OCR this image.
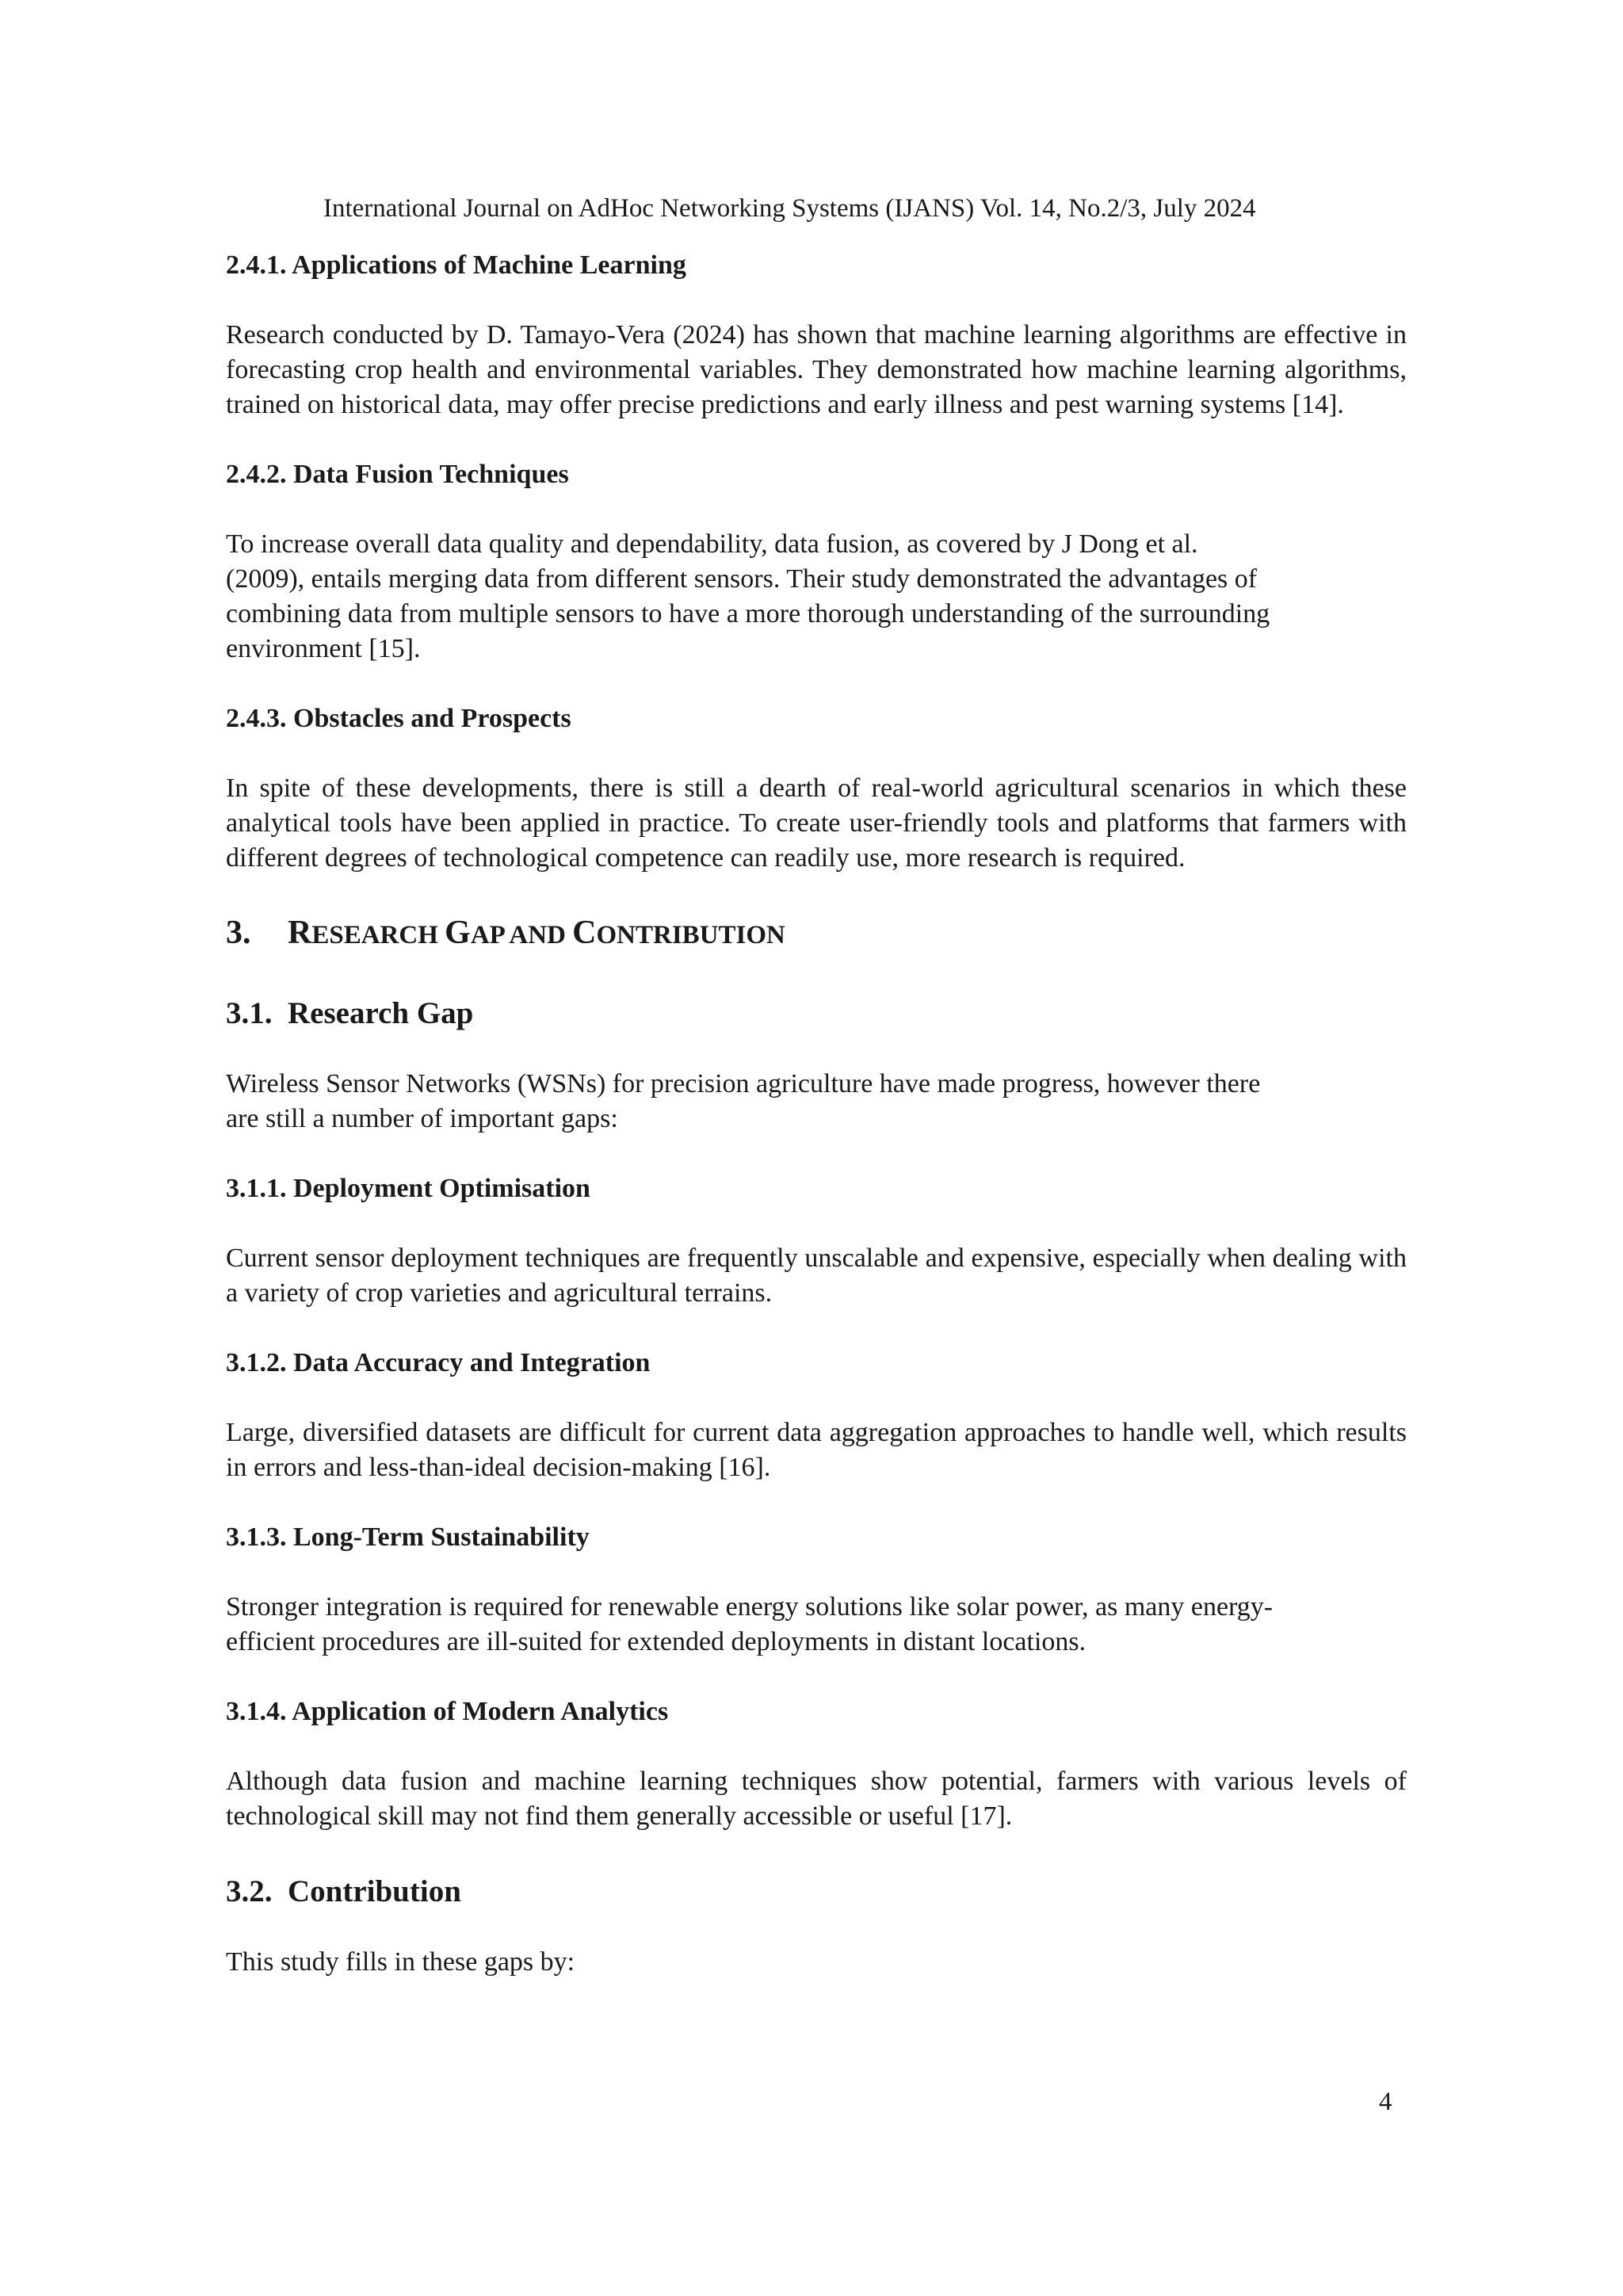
International Journal on AdHoc Networking Systems (IJANS) Vol. 14, No.2/3, July 2024

2.4.1. Applications of Machine Learning

Research conducted by D. Tamayo-Vera (2024) has shown that machine learning algorithms are effective in forecasting crop health and environmental variables. They demonstrated how machine learning algorithms, trained on historical data, may offer precise predictions and early illness and pest warning systems [14].

2.4.2. Data Fusion Techniques

To increase overall data quality and dependability, data fusion, as covered by J Dong et al.
(2009), entails merging data from different sensors. Their study demonstrated the advantages of
combining data from multiple sensors to have a more thorough understanding of the surrounding
environment [15].

2.4.3. Obstacles and Prospects

In spite of these developments, there is still a dearth of real-world agricultural scenarios in which these analytical tools have been applied in practice. To create user-friendly tools and platforms that farmers with different degrees of technological competence can readily use, more research is required.

3. RESEARCH GAP AND CONTRIBUTION

3.1. Research Gap

Wireless Sensor Networks (WSNs) for precision agriculture have made progress, however there
are still a number of important gaps:

3.1.1. Deployment Optimisation

Current sensor deployment techniques are frequently unscalable and expensive, especially when dealing with a variety of crop varieties and agricultural terrains.

3.1.2. Data Accuracy and Integration

Large, diversified datasets are difficult for current data aggregation approaches to handle well, which results in errors and less-than-ideal decision-making [16].

3.1.3. Long-Term Sustainability

Stronger integration is required for renewable energy solutions like solar power, as many energy-
efficient procedures are ill-suited for extended deployments in distant locations.

3.1.4. Application of Modern Analytics

Although data fusion and machine learning techniques show potential, farmers with various levels of technological skill may not find them generally accessible or useful [17].

3.2. Contribution

This study fills in these gaps by:

4
